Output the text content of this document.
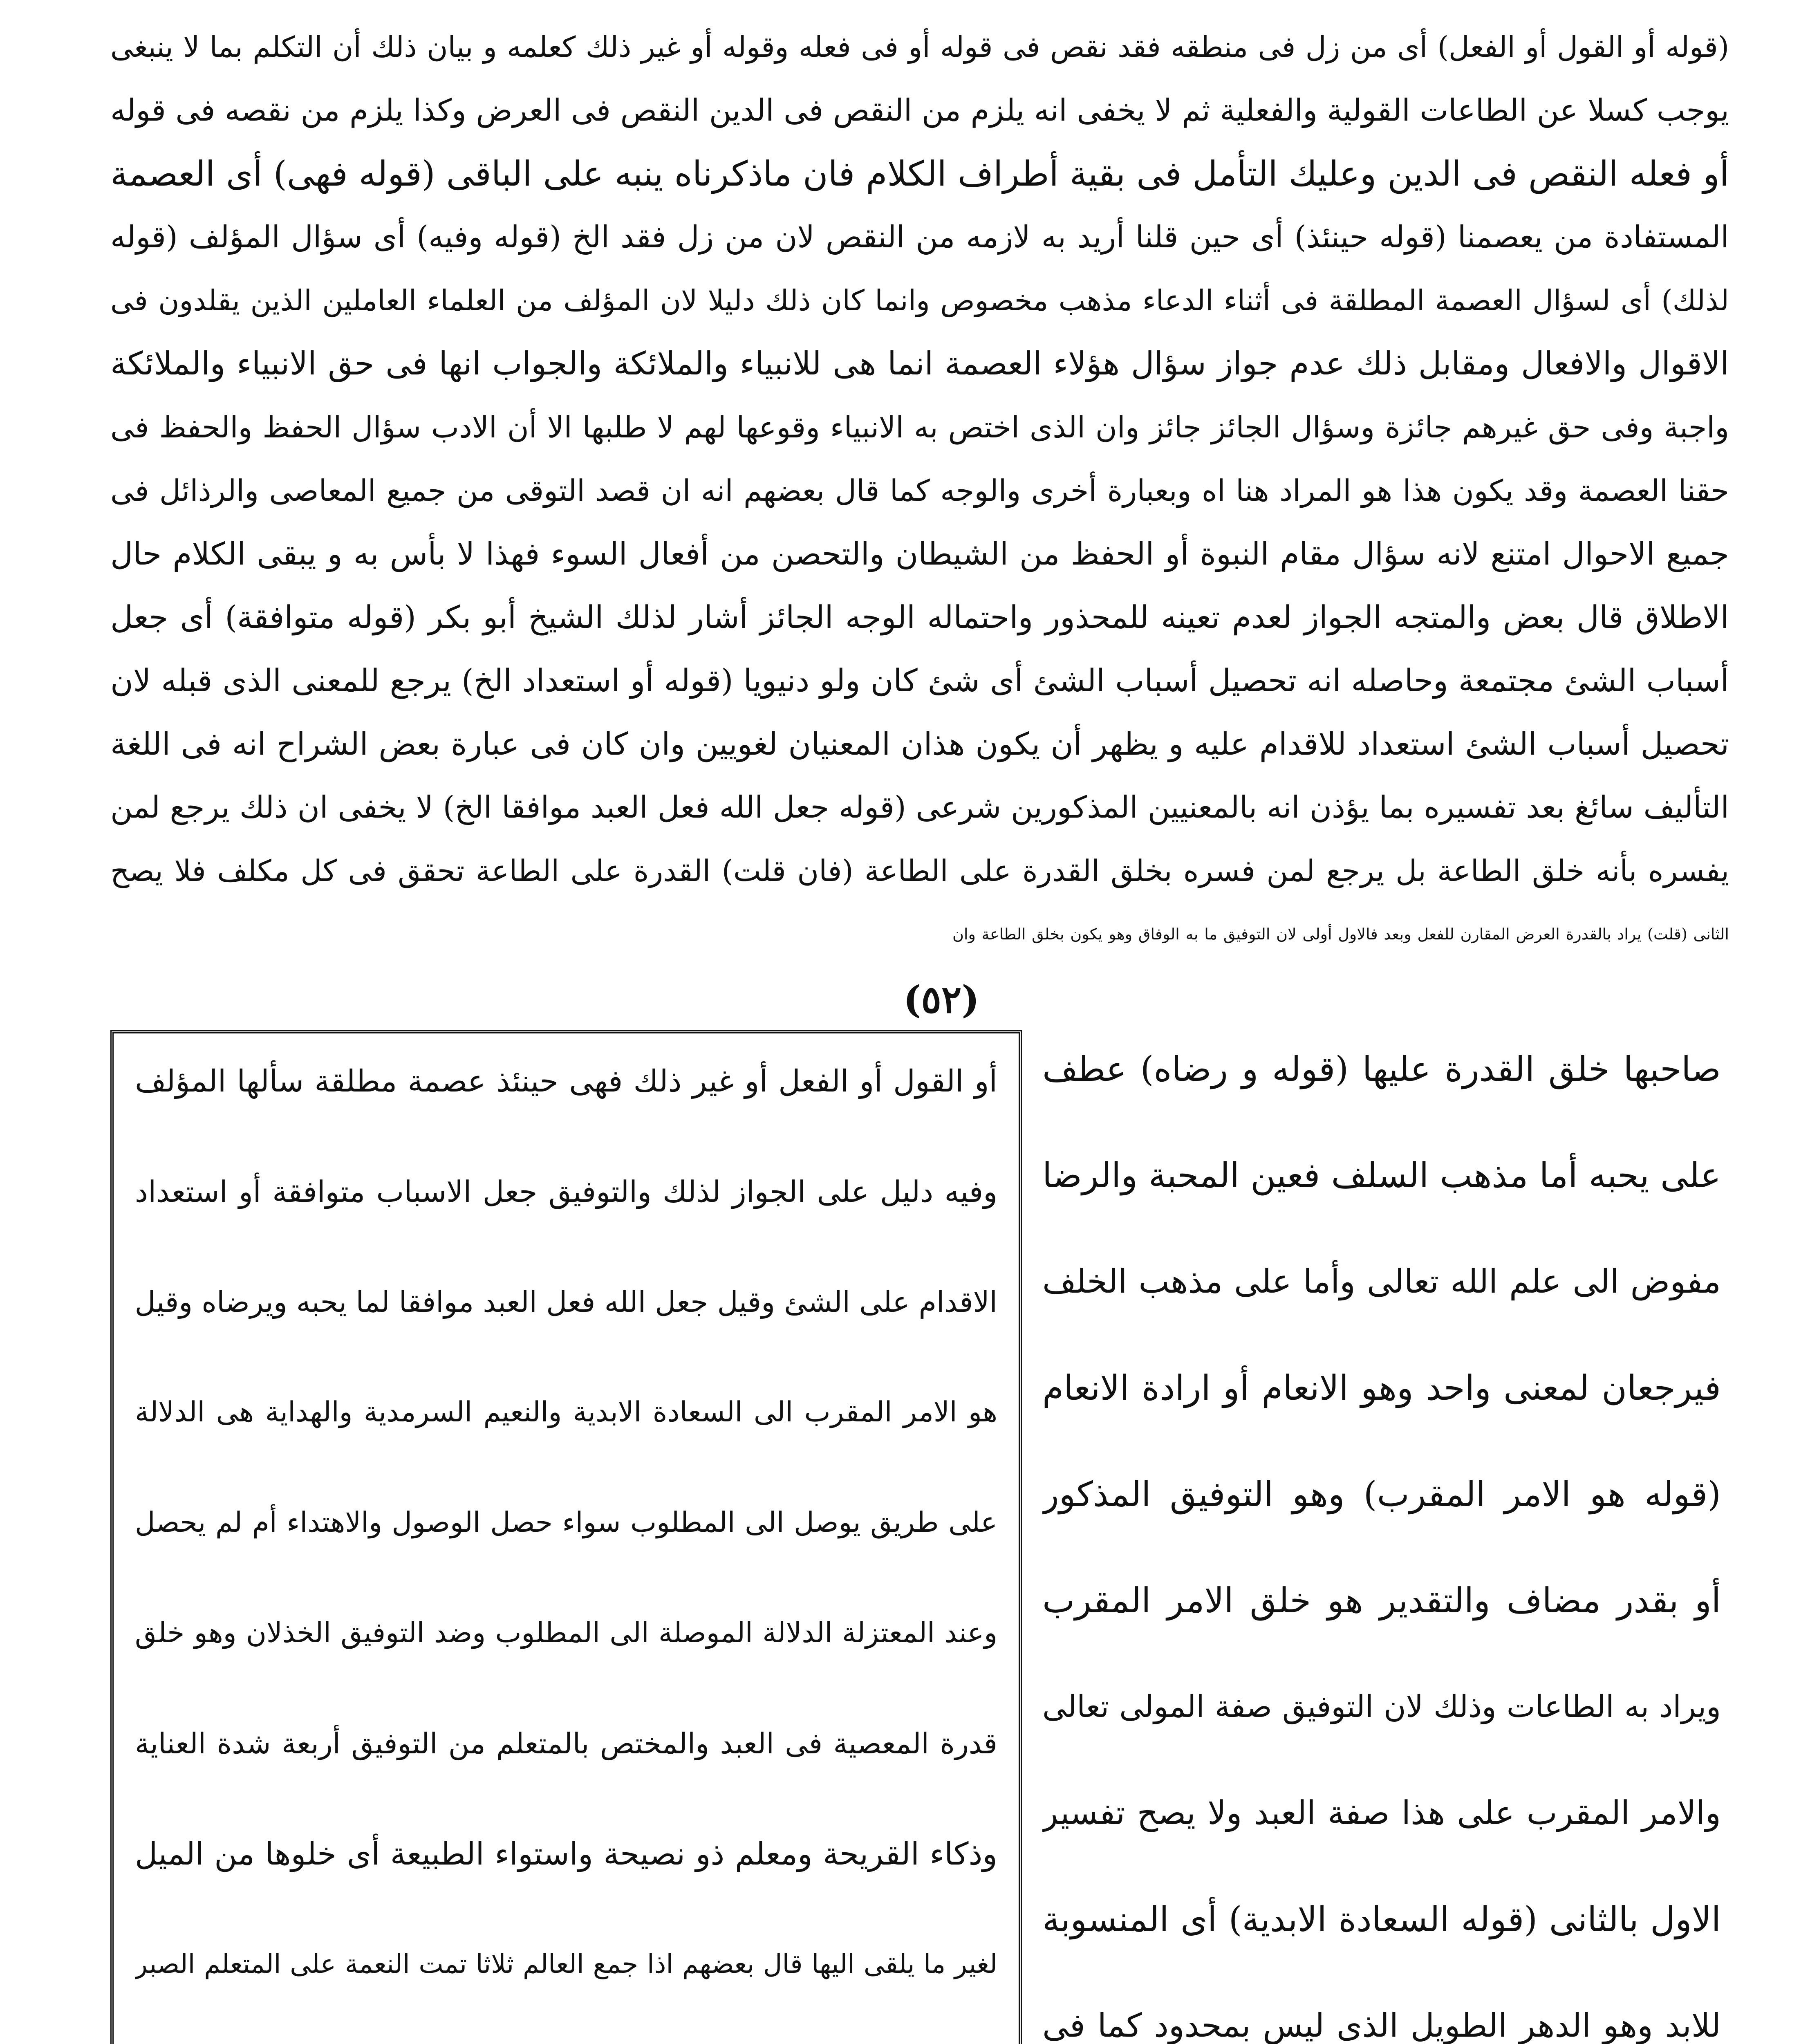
(قوله أو القول أو الفعل) أى من زل فى منطقه فقد نقص فى قوله أو فى فعله وقوله أو غير ذلك كعلمه و بيان ذلك أن التكلم بما لا ينبغى
يوجب كسلا عن الطاعات القولية والفعلية ثم لا يخفى انه يلزم من النقص فى الدين النقص فى العرض وكذا يلزم من نقصه فى قوله
أو فعله النقص فى الدين وعليك التأمل فى بقية أطراف الكلام فان ماذكرناه ينبه على الباقى (قوله فهى) أى العصمة
المستفادة من يعصمنا (قوله حينئذ) أى حين قلنا أريد به لازمه من النقص لان من زل فقد الخ (قوله وفيه) أى سؤال المؤلف (قوله
لذلك) أى لسؤال العصمة المطلقة فى أثناء الدعاء مذهب مخصوص وانما كان ذلك دليلا لان المؤلف من العلماء العاملين الذين يقلدون فى
الاقوال والافعال ومقابل ذلك عدم جواز سؤال هؤلاء العصمة انما هى للانبياء والملائكة والجواب انها فى حق الانبياء والملائكة
واجبة وفى حق غيرهم جائزة وسؤال الجائز جائز وان الذى اختص به الانبياء وقوعها لهم لا طلبها الا أن الادب سؤال الحفظ والحفظ فى
حقنا العصمة وقد يكون هذا هو المراد هنا اه وبعبارة أخرى والوجه كما قال بعضهم انه ان قصد التوقى من جميع المعاصى والرذائل فى
جميع الاحوال امتنع لانه سؤال مقام النبوة أو الحفظ من الشيطان والتحصن من أفعال السوء فهذا لا بأس به و يبقى الكلام حال
الاطلاق قال بعض والمتجه الجواز لعدم تعينه للمحذور واحتماله الوجه الجائز أشار لذلك الشيخ أبو بكر (قوله متوافقة) أى جعل
أسباب الشئ مجتمعة وحاصله انه تحصيل أسباب الشئ أى شئ كان ولو دنيويا (قوله أو استعداد الخ) يرجع للمعنى الذى قبله لان
تحصيل أسباب الشئ استعداد للاقدام عليه و يظهر أن يكون هذان المعنيان لغويين وان كان فى عبارة بعض الشراح انه فى اللغة
التأليف سائغ بعد تفسيره بما يؤذن انه بالمعنيين المذكورين شرعى (قوله جعل الله فعل العبد موافقا الخ) لا يخفى ان ذلك يرجع لمن
يفسره بأنه خلق الطاعة بل يرجع لمن فسره بخلق القدرة على الطاعة (فان قلت) القدرة على الطاعة تحقق فى كل مكلف فلا يصح
الثانى (قلت) يراد بالقدرة العرض المقارن للفعل وبعد فالاول أولى لان التوفيق ما به الوفاق وهو يكون بخلق الطاعة وان
(٥٢)
صاحبها خلق القدرة عليها (قوله و رضاه) عطف
على يحبه أما مذهب السلف فعين المحبة والرضا
مفوض الى علم الله تعالى وأما على مذهب الخلف
فيرجعان لمعنى واحد وهو الانعام أو ارادة الانعام
(قوله هو الامر المقرب) وهو التوفيق المذكور
أو بقدر مضاف والتقدير هو خلق الامر المقرب
ويراد به الطاعات وذلك لان التوفيق صفة المولى تعالى
والامر المقرب على هذا صفة العبد ولا يصح تفسير
الاول بالثانى (قوله السعادة الابدية) أى المنسوبة
للابد وهو الدهر الطويل الذى ليس بمحدود كما فى
أو القول أو الفعل أو غير ذلك فهى حينئذ عصمة مطلقة سألها المؤلف
وفيه دليل على الجواز لذلك والتوفيق جعل الاسباب متوافقة أو استعداد
الاقدام على الشئ وقيل جعل الله فعل العبد موافقا لما يحبه ويرضاه وقيل
هو الامر المقرب الى السعادة الابدية والنعيم السرمدية والهداية هى الدلالة
على طريق يوصل الى المطلوب سواء حصل الوصول والاهتداء أم لم يحصل
وعند المعتزلة الدلالة الموصلة الى المطلوب وضد التوفيق الخذلان وهو خلق
قدرة المعصية فى العبد والمختص بالمتعلم من التوفيق أربعة شدة العناية
وذكاء القريحة ومعلم ذو نصيحة واستواء الطبيعة أى خلوها من الميل
لغير ما يلقى اليها قال بعضهم اذا جمع العالم ثلاثا تمت النعمة على المتعلم الصبر
